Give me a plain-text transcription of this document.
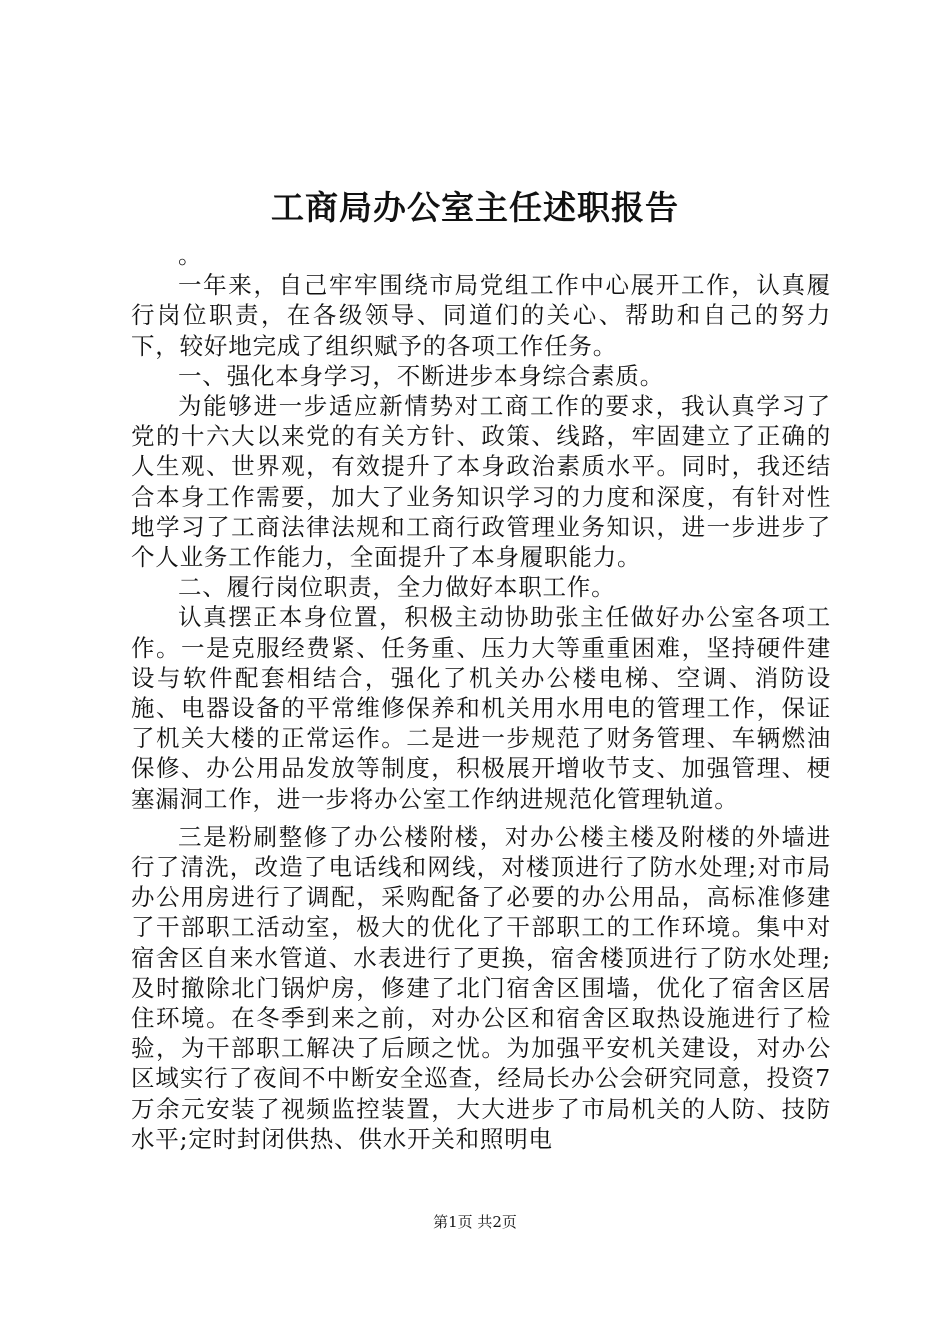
工商局办公室主任述职报告

。

一年来，自己牢牢围绕市局党组工作中心展开工作，认真履行岗位职责，在各级领导、同道们的关心、帮助和自己的努力下，较好地完成了组织赋予的各项工作任务。

一、强化本身学习，不断进步本身综合素质。

为能够进一步适应新情势对工商工作的要求，我认真学习了党的十六大以来党的有关方针、政策、线路，牢固建立了正确的人生观、世界观，有效提升了本身政治素质水平。同时，我还结合本身工作需要，加大了业务知识学习的力度和深度，有针对性地学习了工商法律法规和工商行政管理业务知识，进一步进步了个人业务工作能力，全面提升了本身履职能力。

二、履行岗位职责，全力做好本职工作。

认真摆正本身位置，积极主动协助张主任做好办公室各项工作。一是克服经费紧、任务重、压力大等重重困难，坚持硬件建设与软件配套相结合，强化了机关办公楼电梯、空调、消防设施、电器设备的平常维修保养和机关用水用电的管理工作，保证了机关大楼的正常运作。二是进一步规范了财务管理、车辆燃油保修、办公用品发放等制度，积极展开增收节支、加强管理、梗塞漏洞工作，进一步将办公室工作纳进规范化管理轨道。

三是粉刷整修了办公楼附楼，对办公楼主楼及附楼的外墙进行了清洗，改造了电话线和网线，对楼顶进行了防水处理;对市局办公用房进行了调配，采购配备了必要的办公用品，高标准修建了干部职工活动室，极大的优化了干部职工的工作环境。集中对宿舍区自来水管道、水表进行了更换，宿舍楼顶进行了防水处理;及时撤除北门锅炉房，修建了北门宿舍区围墙，优化了宿舍区居住环境。在冬季到来之前，对办公区和宿舍区取热设施进行了检验，为干部职工解决了后顾之忧。为加强平安机关建设，对办公区域实行了夜间不中断安全巡查，经局长办公会研究同意，投资7万余元安装了视频监控装置，大大进步了市局机关的人防、技防水平;定时封闭供热、供水开关和照明电

第1页 共2页
